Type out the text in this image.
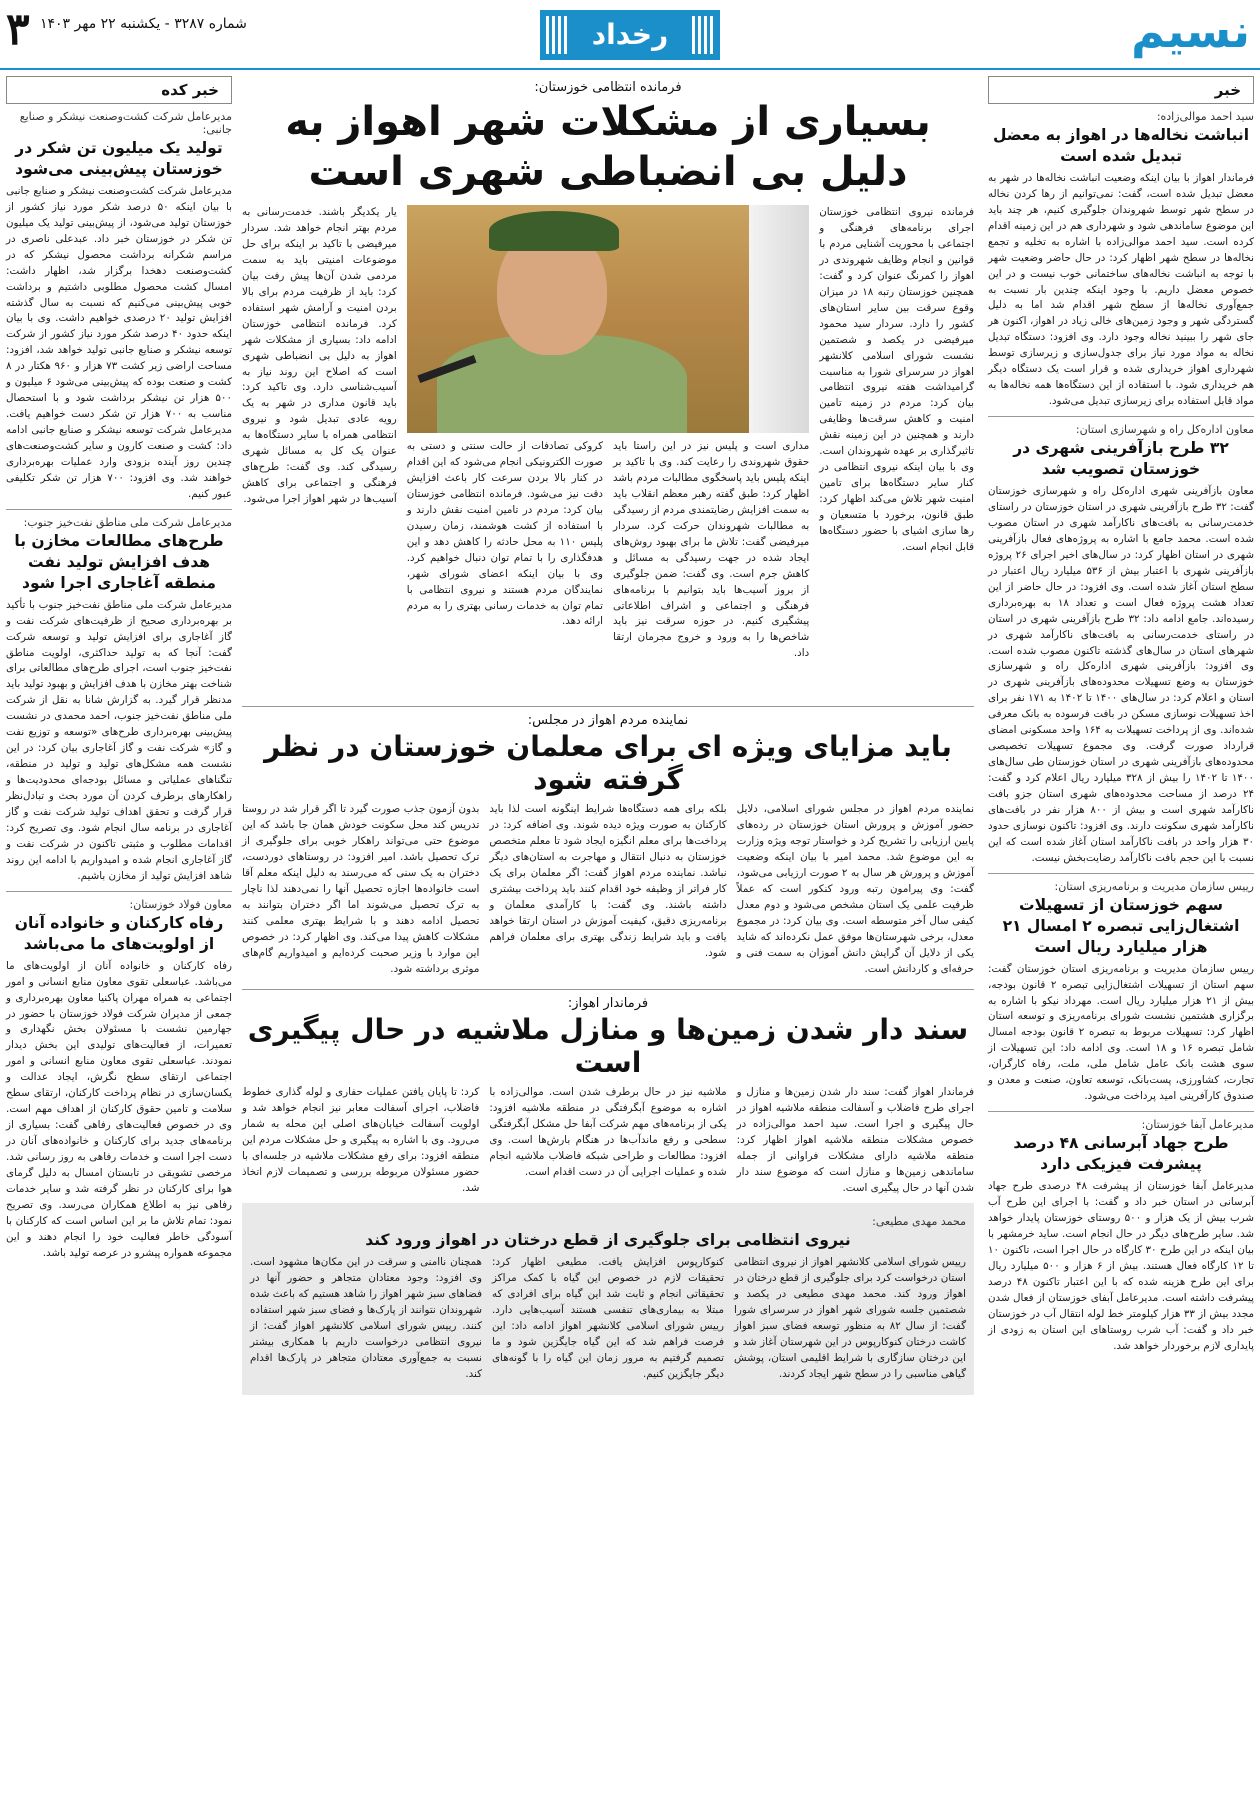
نسیم
رخداد
شماره ۳۲۸۷ - یکشنبه ۲۲ مهر ۱۴۰۳
۳
خبر
سید احمد موالی‌زاده:
انباشت نخاله‌ها در اهواز به معضل تبدیل شده است

فرماندار اهواز با بیان اینکه وضعیت انباشت نخاله‌ها در شهر به معضل تبدیل شده است، گفت: نمی‌توانیم از رها کردن نخاله در سطح شهر توسط شهروندان جلوگیری کنیم، هر چند باید این موضوع ساماندهی شود و شهرداری هم در این زمینه اقدام کرده است. سید احمد موالی‌زاده با اشاره به تخلیه و تجمع نخاله‌ها در سطح شهر اظهار کرد: در حال حاضر وضعیت شهر با توجه به انباشت نخاله‌های ساختمانی خوب نیست و در این خصوص معضل داریم. با وجود اینکه چندین بار نسبت به جمع‌آوری نخاله‌ها از سطح شهر اقدام شد اما به دلیل گستردگی شهر و وجود زمین‌های خالی زیاد در اهواز، اکنون هر جای شهر را ببینید نخاله وجود دارد. وی افزود: دستگاه تبدیل نخاله به مواد مورد نیاز برای جدول‌سازی و زیرسازی توسط شهرداری اهواز خریداری شده و قرار است یک دستگاه دیگر هم خریداری شود. با استفاده از این دستگاه‌ها همه نخاله‌ها به مواد قابل استفاده برای زیرسازی تبدیل می‌شود.

معاون اداره‌کل راه و شهرسازی استان:
۳۲ طرح بازآفرینی شهری در خوزستان تصویب شد

معاون بازآفرینی شهری اداره‌کل راه و شهرسازی خوزستان گفت: ۳۲ طرح بازآفرینی شهری در استان خوزستان در راستای خدمت‌رسانی به بافت‌های ناکارآمد شهری در استان مصوب شده است. محمد جامع با اشاره به پروژه‌های فعال بازآفرینی شهری در استان اظهار کرد: در سال‌های اخیر اجرای ۲۶ پروژه بازآفرینی شهری با اعتبار بیش از ۵۳۶ میلیارد ریال اعتبار در سطح استان آغاز شده است. وی افزود: در حال حاضر از این تعداد هشت پروژه فعال است و تعداد ۱۸ به بهره‌برداری رسیده‌اند. جامع ادامه داد: ۳۲ طرح بازآفرینی شهری در استان در راستای خدمت‌رسانی به بافت‌های ناکارآمد شهری در شهرهای استان در سال‌های گذشته تاکنون مصوب شده است. وی افزود: بازآفرینی شهری اداره‌کل راه و شهرسازی خوزستان به وضع تسهیلات محدوده‌های بازآفرینی شهری در استان و اعلام کرد: در سال‌های ۱۴۰۰ تا ۱۴۰۲ به ۱۷۱ نفر برای اخذ تسهیلات نوسازی مسکن در بافت فرسوده به بانک معرفی شده‌اند. وی از پرداخت تسهیلات به ۱۶۴ واحد مسکونی امضای قرارداد صورت گرفت. وی مجموع تسهیلات تخصیصی محدوده‌های بازآفرینی شهری در استان خوزستان طی سال‌های ۱۴۰۰ تا ۱۴۰۲ را بیش از ۳۲۸ میلیارد ریال اعلام کرد و گفت: ۲۴ درصد از مساحت محدوده‌های شهری استان جزو بافت ناکارآمد شهری است و بیش از ۸۰۰ هزار نفر در بافت‌های ناکارآمد شهری سکونت دارند. وی افزود: تاکنون نوسازی حدود ۳۰ هزار واحد در بافت ناکارآمد استان آغاز شده است که این نسبت با این حجم بافت ناکارآمد رضایت‌بخش نیست.

رییس سازمان مدیریت و برنامه‌ریزی استان:
سهم خوزستان از تسهیلات اشتغال‌زایی تبصره ۲ امسال ۲۱ هزار میلیارد ریال است

رییس سازمان مدیریت و برنامه‌ریزی استان خوزستان گفت: سهم استان از تسهیلات اشتغال‌زایی تبصره ۲ قانون بودجه، بیش از ۲۱ هزار میلیارد ریال است. مهرداد نیکو با اشاره به برگزاری هشتمین نشست شورای برنامه‌ریزی و توسعه استان اظهار کرد: تسهیلات مربوط به تبصره ۲ قانون بودجه امسال شامل تبصره ۱۶ و ۱۸ است. وی ادامه داد: این تسهیلات از سوی هشت بانک عامل شامل ملی، ملت، رفاه کارگران، تجارت، کشاورزی، پست‌بانک، توسعه تعاون، صنعت و معدن و صندوق کارآفرینی امید پرداخت می‌شود.

مدیرعامل آبفا خوزستان:
طرح جهاد آبرسانی ۴۸ درصد پیشرفت فیزیکی دارد

مدیرعامل آبفا خوزستان از پیشرفت ۴۸ درصدی طرح جهاد آبرسانی در استان خبر داد و گفت: با اجرای این طرح آب شرب بیش از یک هزار و ۵۰۰ روستای خوزستان پایدار خواهد شد. سایر طرح‌های دیگر در حال انجام است. ساید خرمشهر با بیان اینکه در این طرح ۳۰ کارگاه در حال اجرا است، تاکنون ۱۰ تا ۱۲ کارگاه فعال هستند. بیش از ۶ هزار و ۵۰۰ میلیارد ریال برای این طرح هزینه شده که با این اعتبار تاکنون ۴۸ درصد پیشرفت داشته است. مدیرعامل آبفای خوزستان از فعال شدن مجدد بیش از ۳۳ هزار کیلومتر خط لوله انتقال آب در خوزستان خبر داد و گفت: آب شرب روستاهای این استان به زودی از پایداری لازم برخوردار خواهد شد.

خبر کده
مدیرعامل شرکت کشت‌وصنعت نیشکر و صنایع جانبی:
تولید یک میلیون تن شکر در خوزستان پیش‌بینی می‌شود

مدیرعامل شرکت کشت‌وصنعت نیشکر و صنایع جانبی با بیان اینکه ۵۰ درصد شکر مورد نیاز کشور از خوزستان تولید می‌شود، از پیش‌بینی تولید یک میلیون تن شکر در خوزستان خبر داد. عبدعلی ناصری در مراسم شکرانه برداشت محصول نیشکر که در کشت‌وصنعت دهخدا برگزار شد، اظهار داشت: امسال کشت محصول مطلوبی داشتیم و برداشت خوبی پیش‌بینی می‌کنیم که نسبت به سال گذشته افزایش تولید ۲۰ درصدی خواهیم داشت. وی با بیان اینکه حدود ۴۰ درصد شکر مورد نیاز کشور از شرکت توسعه نیشکر و صنایع جانبی تولید خواهد شد، افزود: مساحت اراضی زیر کشت ۷۳ هزار و ۹۶۰ هکتار در ۸ کشت و صنعت بوده که پیش‌بینی می‌شود ۶ میلیون و ۵۰۰ هزار تن نیشکر برداشت شود و با استحصال مناسب به ۷۰۰ هزار تن شکر دست خواهیم یافت. مدیرعامل شرکت توسعه نیشکر و صنایع جانبی ادامه داد: کشت و صنعت کارون و سایر کشت‌وصنعت‌های چندین روز آینده بزودی وارد عملیات بهره‌برداری خواهند شد. وی افزود: ۷۰۰ هزار تن شکر تکلیفی عبور کنیم.

مدیرعامل شرکت ملی مناطق نفت‌خیز جنوب:
طرح‌های مطالعات مخازن با هدف افزایش تولید نفت منطقه آغاجاری اجرا شود

مدیرعامل شرکت ملی مناطق نفت‌خیز جنوب با تأکید بر بهره‌برداری صحیح از ظرفیت‌های شرکت نفت و گاز آغاجاری برای افزایش تولید و توسعه شرکت گفت: آنجا که به تولید حداکثری، اولویت مناطق نفت‌خیز جنوب است، اجرای طرح‌های مطالعاتی برای شناخت بهتر مخازن با هدف افزایش و بهبود تولید باید مدنظر قرار گیرد. به گزارش شانا به نقل از شرکت ملی مناطق نفت‌خیز جنوب، احمد محمدی در نشست پیش‌بینی بهره‌برداری طرح‌های «توسعه و توزیع نفت و گاز» شرکت نفت و گاز آغاجاری بیان کرد: در این نشست همه مشکل‌های تولید و تولید در منطقه، تنگناهای عملیاتی و مسائل بودجه‌ای محدودیت‌ها و راهکارهای برطرف کردن آن مورد بحث و تبادل‌نظر قرار گرفت و تحقق اهداف تولید شرکت نفت و گاز آغاجاری در برنامه سال انجام شود. وی تصریح کرد: اقدامات مطلوب و مثبتی تاکنون در شرکت نفت و گاز آغاجاری انجام شده و امیدواریم با ادامه این روند شاهد افزایش تولید از مخازن باشیم.

معاون فولاد خوزستان:
رفاه کارکنان و خانواده آنان از اولویت‌های ما می‌باشد

رفاه کارکنان و خانواده آنان از اولویت‌های ما می‌باشد. عباسعلی تقوی معاون منابع انسانی و امور اجتماعی به همراه مهران پاکنیا معاون بهره‌برداری و جمعی از مدیران شرکت فولاد خوزستان با حضور در جهارمین نشست با مسئولان بخش نگهداری و تعمیرات، از فعالیت‌های تولیدی این بخش دیدار نمودند. عباسعلی تقوی معاون منابع انسانی و امور اجتماعی ارتقای سطح نگرش، ایجاد عدالت و یکسان‌سازی در نظام پرداخت کارکنان، ارتقای سطح سلامت و تامین حقوق کارکنان از اهداف مهم است. وی در خصوص فعالیت‌های رفاهی گفت: بسیاری از برنامه‌های جدید برای کارکنان و خانواده‌های آنان در دست اجرا است و خدمات رفاهی به روز رسانی شد. مرخصی تشویقی در تابستان امسال به دلیل گرمای هوا برای کارکنان در نظر گرفته شد و سایر خدمات رفاهی نیز به اطلاع همکاران می‌رسد. وی تصریح نمود: تمام تلاش ما بر این اساس است که کارکنان با آسودگی خاطر فعالیت خود را انجام دهند و این مجموعه همواره پیشرو در عرصه تولید باشد.

فرمانده انتظامی خوزستان:
بسیاری از مشکلات شهر اهواز به دلیل بی انضباطی شهری است

فرمانده نیروی انتظامی خوزستان اجرای برنامه‌های فرهنگی و اجتماعی با محوریت آشنایی مردم با قوانین و انجام وظایف شهروندی در اهواز را کمرنگ عنوان کرد و گفت: همچنین خوزستان رتبه ۱۸ در میزان وقوع سرقت بین سایر استان‌های کشور را دارد. سردار سید محمود میرفیضی در یکصد و شصتمین نشست شورای اسلامی کلانشهر اهواز در سرسرای شورا به مناسبت گرامیداشت هفته نیروی انتظامی بیان کرد: مردم در زمینه تامین امنیت و کاهش سرقت‌ها وظایفی دارند و همچنین در این زمینه نقش تاثیرگذاری بر عهده شهروندان است. وی با بیان اینکه نیروی انتظامی در کنار سایر دستگاه‌ها برای تامین امنیت شهر تلاش می‌کند اظهار کرد: طبق قانون، برخورد با متسعیان و رها سازی اشیای با حضور دستگاه‌ها قابل انجام است.

مداری است و پلیس نیز در این راستا باید حقوق شهروندی را رعایت کند. وی با تاکید بر اینکه پلیس باید پاسخگوی مطالبات مردم باشد اظهار کرد: طبق گفته رهبر معظم انقلاب باید به سمت افزایش رضایتمندی مردم از رسیدگی به مطالبات شهروندان حرکت کرد. سردار میرفیضی گفت: تلاش ما برای بهبود روش‌های ایجاد شده در جهت رسیدگی به مسائل و کاهش جرم است. وی گفت: ضمن جلوگیری از بروز آسیب‌ها باید بتوانیم با برنامه‌های فرهنگی و اجتماعی و اشراف اطلاعاتی پیشگیری کنیم. در حوزه سرقت نیز باید شاخص‌ها را به ورود و خروج مجرمان ارتقا داد.

کروکی تصادفات از حالت سنتی و دستی به صورت الکترونیکی انجام می‌شود که این اقدام در کنار بالا بردن سرعت کار باعث افزایش دقت نیز می‌شود. فرمانده انتظامی خوزستان بیان کرد: مردم در تامین امنیت نقش دارند و با استفاده از کشت هوشمند، زمان رسیدن پلیس ۱۱۰ به محل حادثه را کاهش دهد و این هدفگذاری را با تمام توان دنبال خواهیم کرد. وی با بیان اینکه اعضای شورای شهر، نمایندگان مردم هستند و نیروی انتظامی با تمام توان به خدمات رسانی بهتری را به مردم ارائه دهد.

یار یکدیگر باشند. خدمت‌رسانی به مردم بهتر انجام خواهد شد. سردار میرفیضی با تاکید بر اینکه برای حل موضوعات امنیتی باید به سمت مردمی شدن آن‌ها پیش رفت بیان کرد: باید از ظرفیت مردم برای بالا بردن امنیت و آرامش شهر استفاده کرد. فرمانده انتظامی خوزستان ادامه داد: بسیاری از مشکلات شهر اهواز به دلیل بی انضباطی شهری است که اصلاح این روند نیاز به آسیب‌شناسی دارد. وی تاکید کرد: باید قانون مداری در شهر به یک رویه عادی تبدیل شود و نیروی انتظامی همراه با سایر دستگاه‌ها به عنوان یک کل به مسائل شهری رسیدگی کند. وی گفت: طرح‌های فرهنگی و اجتماعی برای کاهش آسیب‌ها در شهر اهواز اجرا می‌شود.

نماینده مردم اهواز در مجلس:
باید مزایای ویژه ای برای معلمان خوزستان در نظر گرفته شود

نماینده مردم اهواز در مجلس شورای اسلامی، دلایل حضور آموزش و پرورش استان خوزستان در رده‌های پایین ارزیابی را تشریح کرد و خواستار توجه ویژه وزارت به این موضوع شد. محمد امیر با بیان اینکه وضعیت آموزش و پرورش هر سال به ۲ صورت ارزیابی می‌شود، گفت: وی پیرامون رتبه ورود کنکور است که عملاً ظرفیت علمی یک استان مشخص می‌شود و دوم معدل کیفی سال آخر متوسطه است. وی بیان کرد: در مجموع معدل، برخی شهرستان‌ها موفق عمل نکرده‌اند که شاید یکی از دلایل آن گرایش دانش آموزان به سمت فنی و حرفه‌ای و کاردانش است.

بلکه برای همه دستگاه‌ها شرایط اینگونه است لذا باید کارکنان به صورت ویژه دیده شوند. وی اضافه کرد: در پرداخت‌ها برای معلم انگیزه ایجاد شود تا معلم متخصص خوزستان به دنبال انتقال و مهاجرت به استان‌های دیگر نباشد. نماینده مردم اهواز گفت: اگر معلمان برای یک کار فراتر از وظیفه خود اقدام کنند باید پرداخت بیشتری داشته باشند. وی گفت: با کارآمدی معلمان و برنامه‌ریزی دقیق، کیفیت آموزش در استان ارتقا خواهد یافت و باید شرایط زندگی بهتری برای معلمان فراهم شود.

بدون آزمون جذب صورت گیرد تا اگر قرار شد در روستا تدریس کند محل سکونت خودش همان جا باشد که این موضوع حتی می‌تواند راهکار خوبی برای جلوگیری از ترک تحصیل باشد. امیر افزود: در روستاهای دوردست، دختران به یک سنی که می‌رسند به دلیل اینکه معلم آقا است خانواده‌ها اجازه تحصیل آنها را نمی‌دهند لذا ناچار به ترک تحصیل می‌شوند اما اگر دختران بتوانند به تحصیل ادامه دهند و با شرایط بهتری معلمی کنند مشکلات کاهش پیدا می‌کند. وی اظهار کرد: در خصوص این موارد با وزیر صحبت کرده‌ایم و امیدواریم گام‌های موثری برداشته شود.

فرماندار اهواز:
سند دار شدن زمین‌ها و منازل ملاشیه در حال پیگیری است

فرماندار اهواز گفت: سند دار شدن زمین‌ها و منازل و اجرای طرح فاضلاب و آسفالت منطقه ملاشیه اهواز در حال پیگیری و اجرا است. سید احمد موالی‌زاده در خصوص مشکلات منطقه ملاشیه اهواز اظهار کرد: منطقه ملاشیه دارای مشکلات فراوانی از جمله ساماندهی زمین‌ها و منازل است که موضوع سند دار شدن آنها در حال پیگیری است.

ملاشیه نیز در حال برطرف شدن است. موالی‌زاده با اشاره به موضوع آبگرفتگی در منطقه ملاشیه افزود: یکی از برنامه‌های مهم شرکت آبفا حل مشکل آبگرفتگی سطحی و رفع ماندآب‌ها در هنگام بارش‌ها است. وی افزود: مطالعات و طراحی شبکه فاضلاب ملاشیه انجام شده و عملیات اجرایی آن در دست اقدام است.

کرد: تا پایان یافتن عملیات حفاری و لوله گذاری خطوط فاضلاب، اجرای آسفالت معابر نیز انجام خواهد شد و اولویت آسفالت خیابان‌های اصلی این محله به شمار می‌رود. وی با اشاره به پیگیری و حل مشکلات مردم این منطقه افزود: برای رفع مشکلات ملاشیه در جلسه‌ای با حضور مسئولان مربوطه بررسی و تصمیمات لازم اتخاذ شد.

محمد مهدی مطیعی:
نیروی انتظامی برای جلوگیری از قطع درختان در اهواز ورود کند

رییس شورای اسلامی کلانشهر اهواز از نیروی انتظامی استان درخواست کرد برای جلوگیری از قطع درختان در اهواز ورود کند. محمد مهدی مطیعی در یکصد و شصتمین جلسه شورای شهر اهواز در سرسرای شورا گفت: از سال ۸۲ به منظور توسعه فضای سبز اهواز کاشت درختان کنوکارپوس در این شهرستان آغاز شد و این درختان سازگاری با شرایط اقلیمی استان، پوشش گیاهی مناسبی را در سطح شهر ایجاد کردند.

کنوکارپوس افزایش یافت. مطیعی اظهار کرد: تحقیقات لازم در خصوص این گیاه با کمک مراکز تحقیقاتی انجام و ثابت شد این گیاه برای افرادی که مبتلا به بیماری‌های تنفسی هستند آسیب‌هایی دارد. رییس شورای اسلامی کلانشهر اهواز ادامه داد: این فرصت فراهم شد که این گیاه جایگزین شود و ما تصمیم گرفتیم به مرور زمان این گیاه را با گونه‌های دیگر جایگزین کنیم.

همچنان ناامنی و سرقت در این مکان‌ها مشهود است. وی افزود: وجود معتادان متجاهر و حضور آنها در فضاهای سبز شهر اهواز را شاهد هستیم که باعث شده شهروندان نتوانند از پارک‌ها و فضای سبز شهر استفاده کنند. رییس شورای اسلامی کلانشهر اهواز گفت: از نیروی انتظامی درخواست داریم با همکاری بیشتر نسبت به جمع‌آوری معتادان متجاهر در پارک‌ها اقدام کند.
